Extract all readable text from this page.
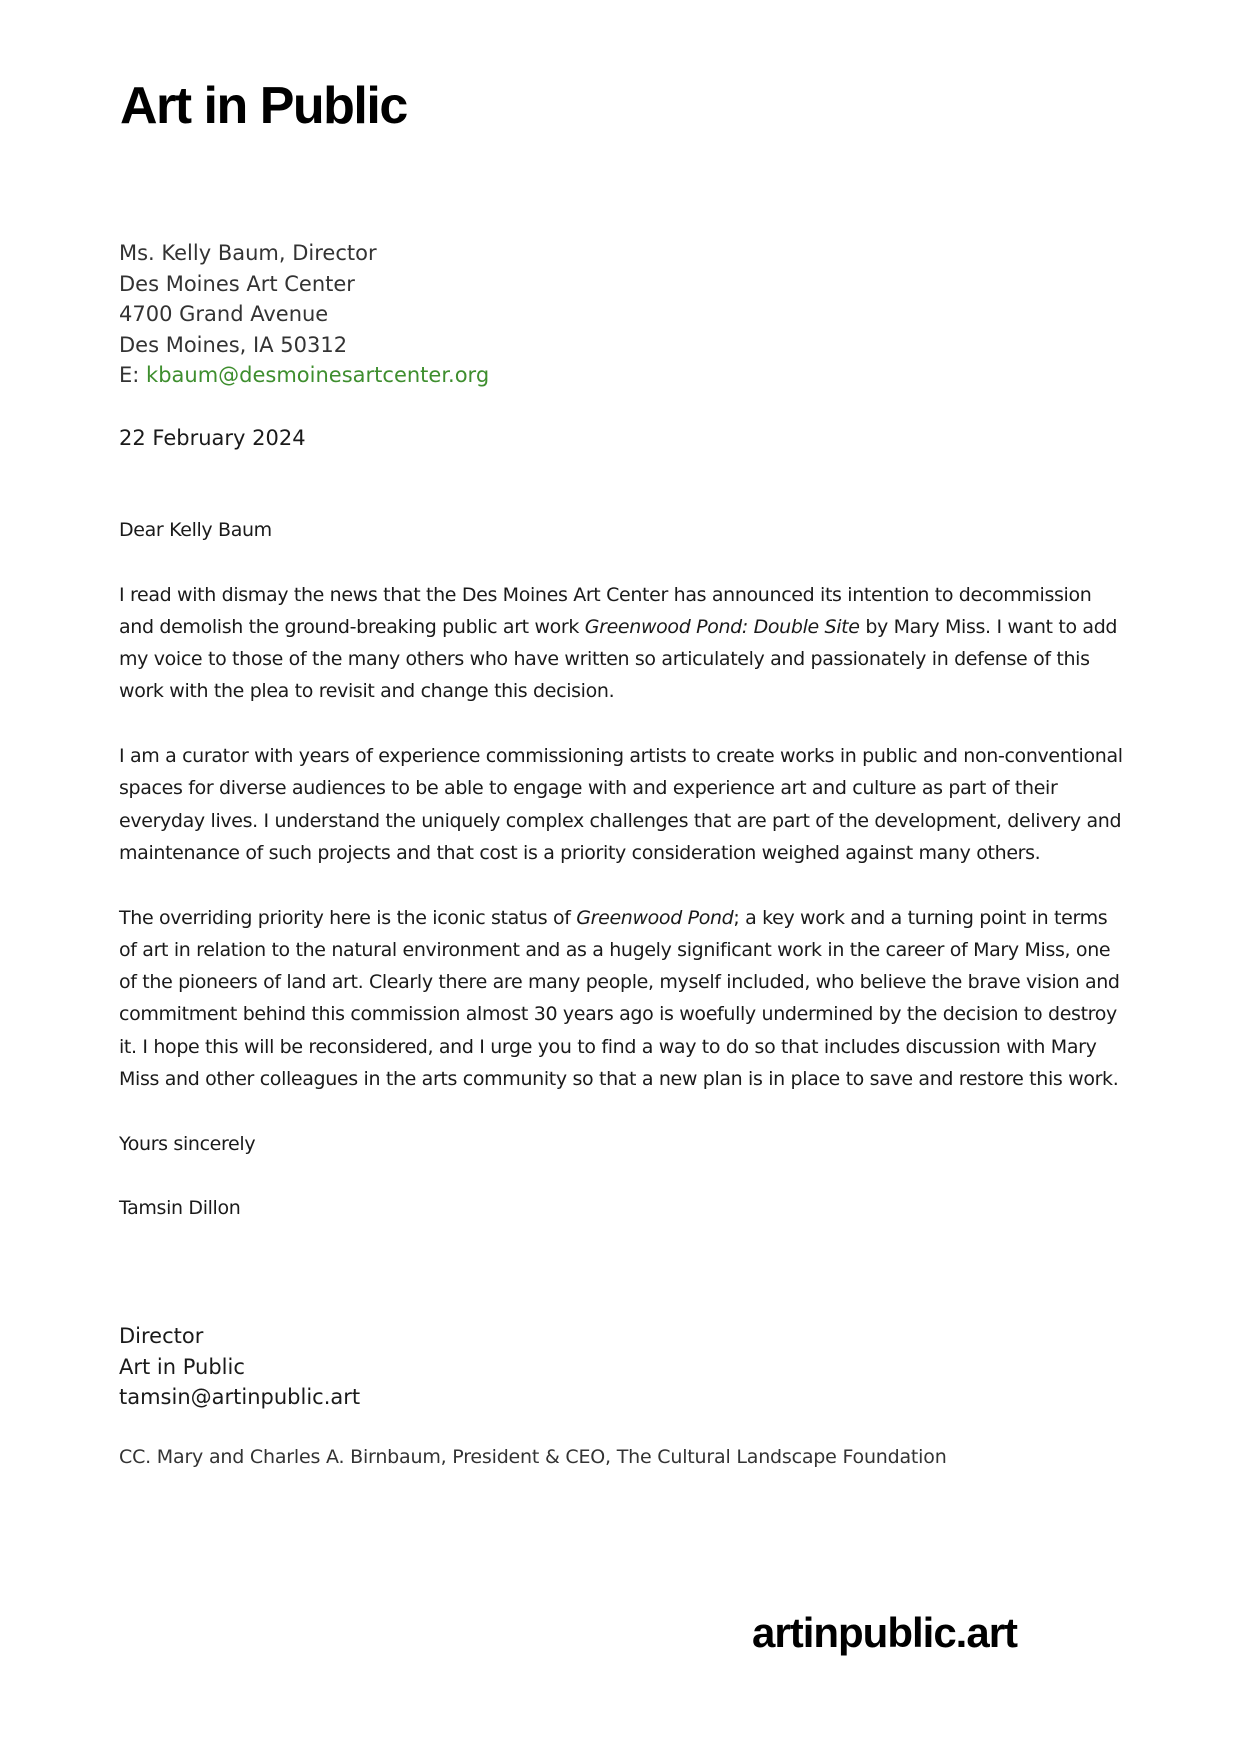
Art in Public
Ms. Kelly Baum, Director
Des Moines Art Center
4700 Grand Avenue
Des Moines, IA 50312
E: kbaum@desmoinesartcenter.org
22 February 2024

Dear Kelly Baum

I read with dismay the news that the Des Moines Art Center has announced its intention to decommission and demolish the ground-breaking public art work Greenwood Pond: Double Site by Mary Miss. I want to add my voice to those of the many others who have written so articulately and passionately in defense of this work with the plea to revisit and change this decision.

I am a curator with years of experience commissioning artists to create works in public and non-conventional spaces for diverse audiences to be able to engage with and experience art and culture as part of their everyday lives. I understand the uniquely complex challenges that are part of the development, delivery and maintenance of such projects and that cost is a priority consideration weighed against many others.

The overriding priority here is the iconic status of Greenwood Pond; a key work and a turning point in terms of art in relation to the natural environment and as a hugely significant work in the career of Mary Miss, one of the pioneers of land art. Clearly there are many people, myself included, who believe the brave vision and commitment behind this commission almost 30 years ago is woefully undermined by the decision to destroy it. I hope this will be reconsidered, and I urge you to find a way to do so that includes discussion with Mary Miss and other colleagues in the arts community so that a new plan is in place to save and restore this work.

Yours sincerely

Tamsin Dillon

Director
Art in Public
tamsin@artinpublic.art
CC. Mary and Charles A. Birnbaum, President & CEO, The Cultural Landscape Foundation
artinpublic.art
